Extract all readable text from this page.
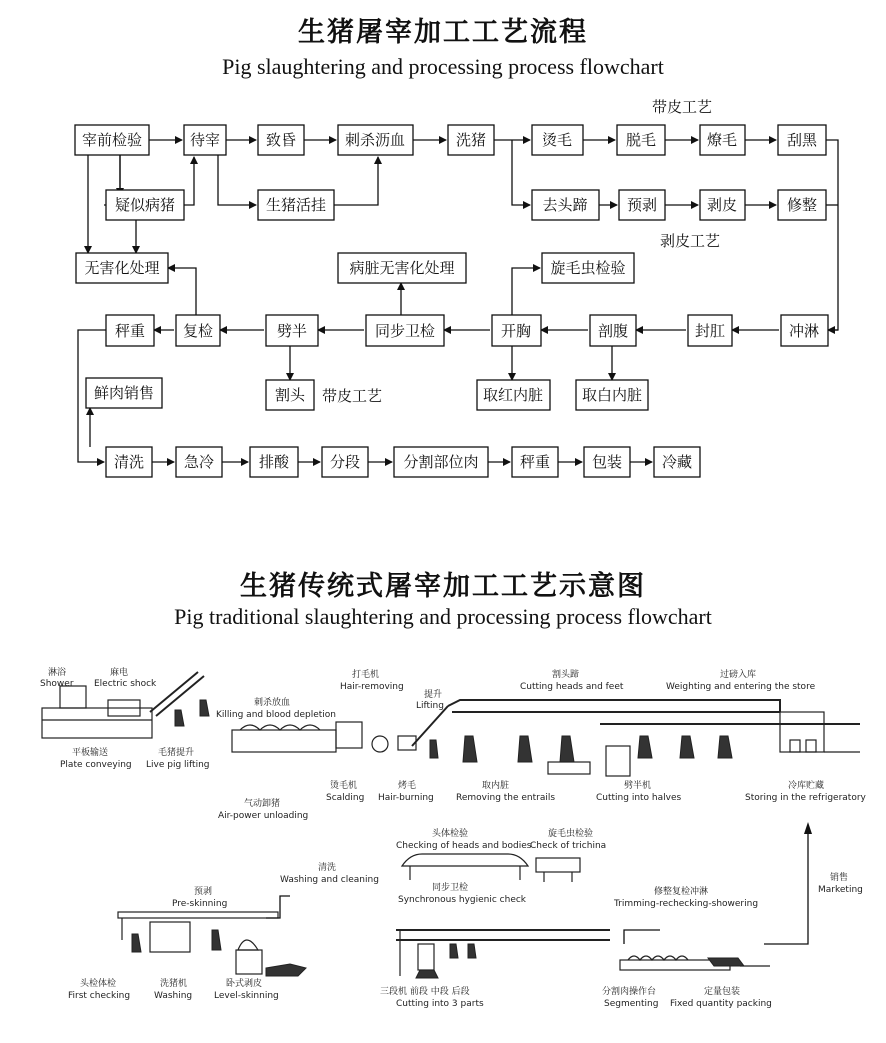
生猪屠宰加工工艺流程
Pig slaughtering and processing process flowchart
宰前检验	待宰	致昏	刺杀沥血	洗猪	烫毛	脱毛	燎毛	刮黑
疑似病猪	生猪活挂	去头蹄	预剥	剥皮	修整
无害化处理	病脏无害化处理	旋毛虫检验
秤重	复检	劈半	同步卫检	开胸	剖腹	封肛	冲淋
割头	取红内脏	取白内脏
鲜肉销售
清洗	急冷	排酸	分段	分割部位肉	秤重	包装	冷藏
带皮工艺
剥皮工艺
带皮工艺
生猪传统式屠宰加工工艺示意图
Pig traditional slaughtering and processing process flowchart
淋浴
Shower
麻电
Electric shock
平板输送
Plate conveying
毛猪提升
Live pig lifting
刺杀放血
Killing and blood depletion
打毛机
Hair-removing
提升
Lifting
割头蹄
Cutting heads and feet
过磅入库
Weighting and entering the store
烫毛机
Scalding
烤毛
Hair-burning
取内脏
Removing the entrails
劈半机
Cutting into halves
冷库贮藏
Storing in the refrigeratory
气动卸猪
Air-power unloading
头体检验
Checking of heads and bodies
旋毛虫检验
Check of trichina
清洗
Washing and cleaning	销售
Marketing
预剥
Pre-skinning
同步卫检
Synchronous hygienic check
修整复检冲淋
Trimming-rechecking-showering
头检体检
First checking
洗猪机
Washing
卧式剥皮
Level-skinning	三段机 前段 中段 后段
Cutting into 3 parts
分割肉操作台
Segmenting
定量包装
Fixed quantity packing
